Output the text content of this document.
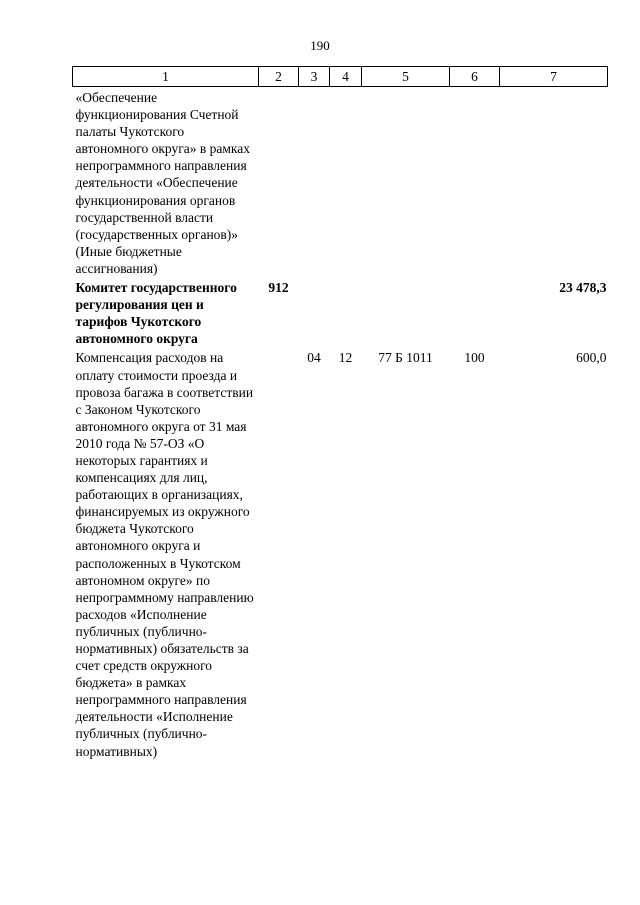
190
1	2	3	4	5	6	7
«Обеспечение функционирования Счетной палаты Чукотского автономного округа» в рамках непрограммного направления деятельности «Обеспечение функционирования органов государственной власти (государственных органов)» (Иные бюджетные ассигнования)						
Комитет государственного регулирования цен и тарифов Чукотского автономного округа	912					23 478,3
Компенсация расходов на оплату стоимости проезда и провоза багажа в соответствии с Законом Чукотского автономного округа от 31 мая 2010 года № 57-ОЗ «О некоторых гарантиях и компенсациях для лиц, работающих в организациях, финансируемых из окружного бюджета Чукотского автономного округа и расположенных в Чукотском автономном округе» по непрограммному направлению расходов «Исполнение публичных (публично-нормативных) обязательств за счет средств окружного бюджета» в рамках непрограммного направления деятельности «Исполнение публичных (публично-нормативных)		04	12	77 Б 1011	100	600,0
